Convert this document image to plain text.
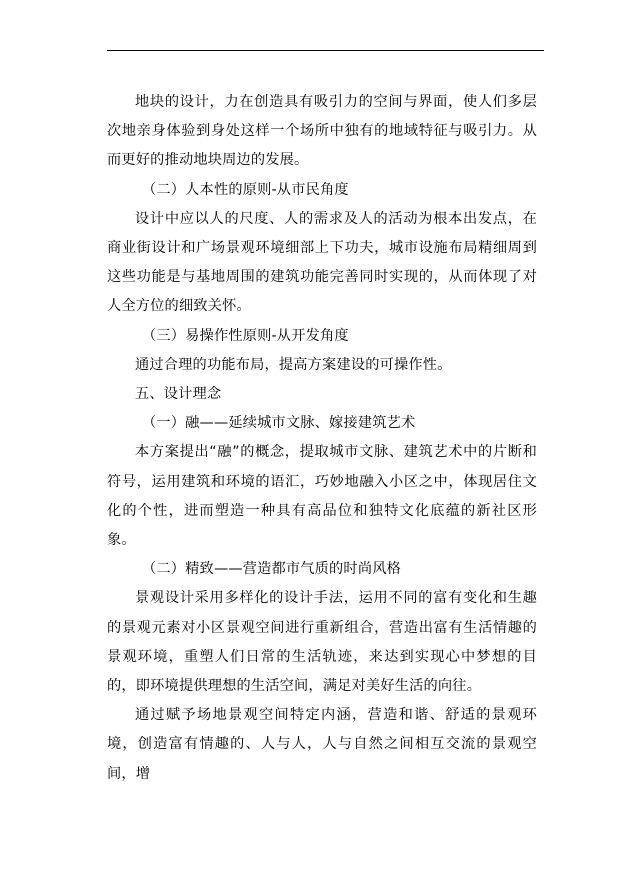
地块的设计，力在创造具有吸引力的空间与界面，使人们多层次地亲身体验到身处这样一个场所中独有的地域特征与吸引力。从而更好的推动地块周边的发展。

（二）人本性的原则-从市民角度

设计中应以人的尺度、人的需求及人的活动为根本出发点，在商业街设计和广场景观环境细部上下功夫，城市设施布局精细周到这些功能是与基地周围的建筑功能完善同时实现的，从而体现了对人全方位的细致关怀。

（三）易操作性原则-从开发角度

通过合理的功能布局，提高方案建设的可操作性。

五、设计理念

（一）融——延续城市文脉、嫁接建筑艺术

本方案提出“融”的概念，提取城市文脉、建筑艺术中的片断和符号，运用建筑和环境的语汇，巧妙地融入小区之中，体现居住文化的个性，进而塑造一种具有高品位和独特文化底蕴的新社区形象。

（二）精致——营造都市气质的时尚风格

景观设计采用多样化的设计手法，运用不同的富有变化和生趣的景观元素对小区景观空间进行重新组合，营造出富有生活情趣的景观环境，重塑人们日常的生活轨迹，来达到实现心中梦想的目的，即环境提供理想的生活空间，满足对美好生活的向往。

通过赋予场地景观空间特定内涵，营造和谐、舒适的景观环境，创造富有情趣的、人与人，人与自然之间相互交流的景观空间，增
